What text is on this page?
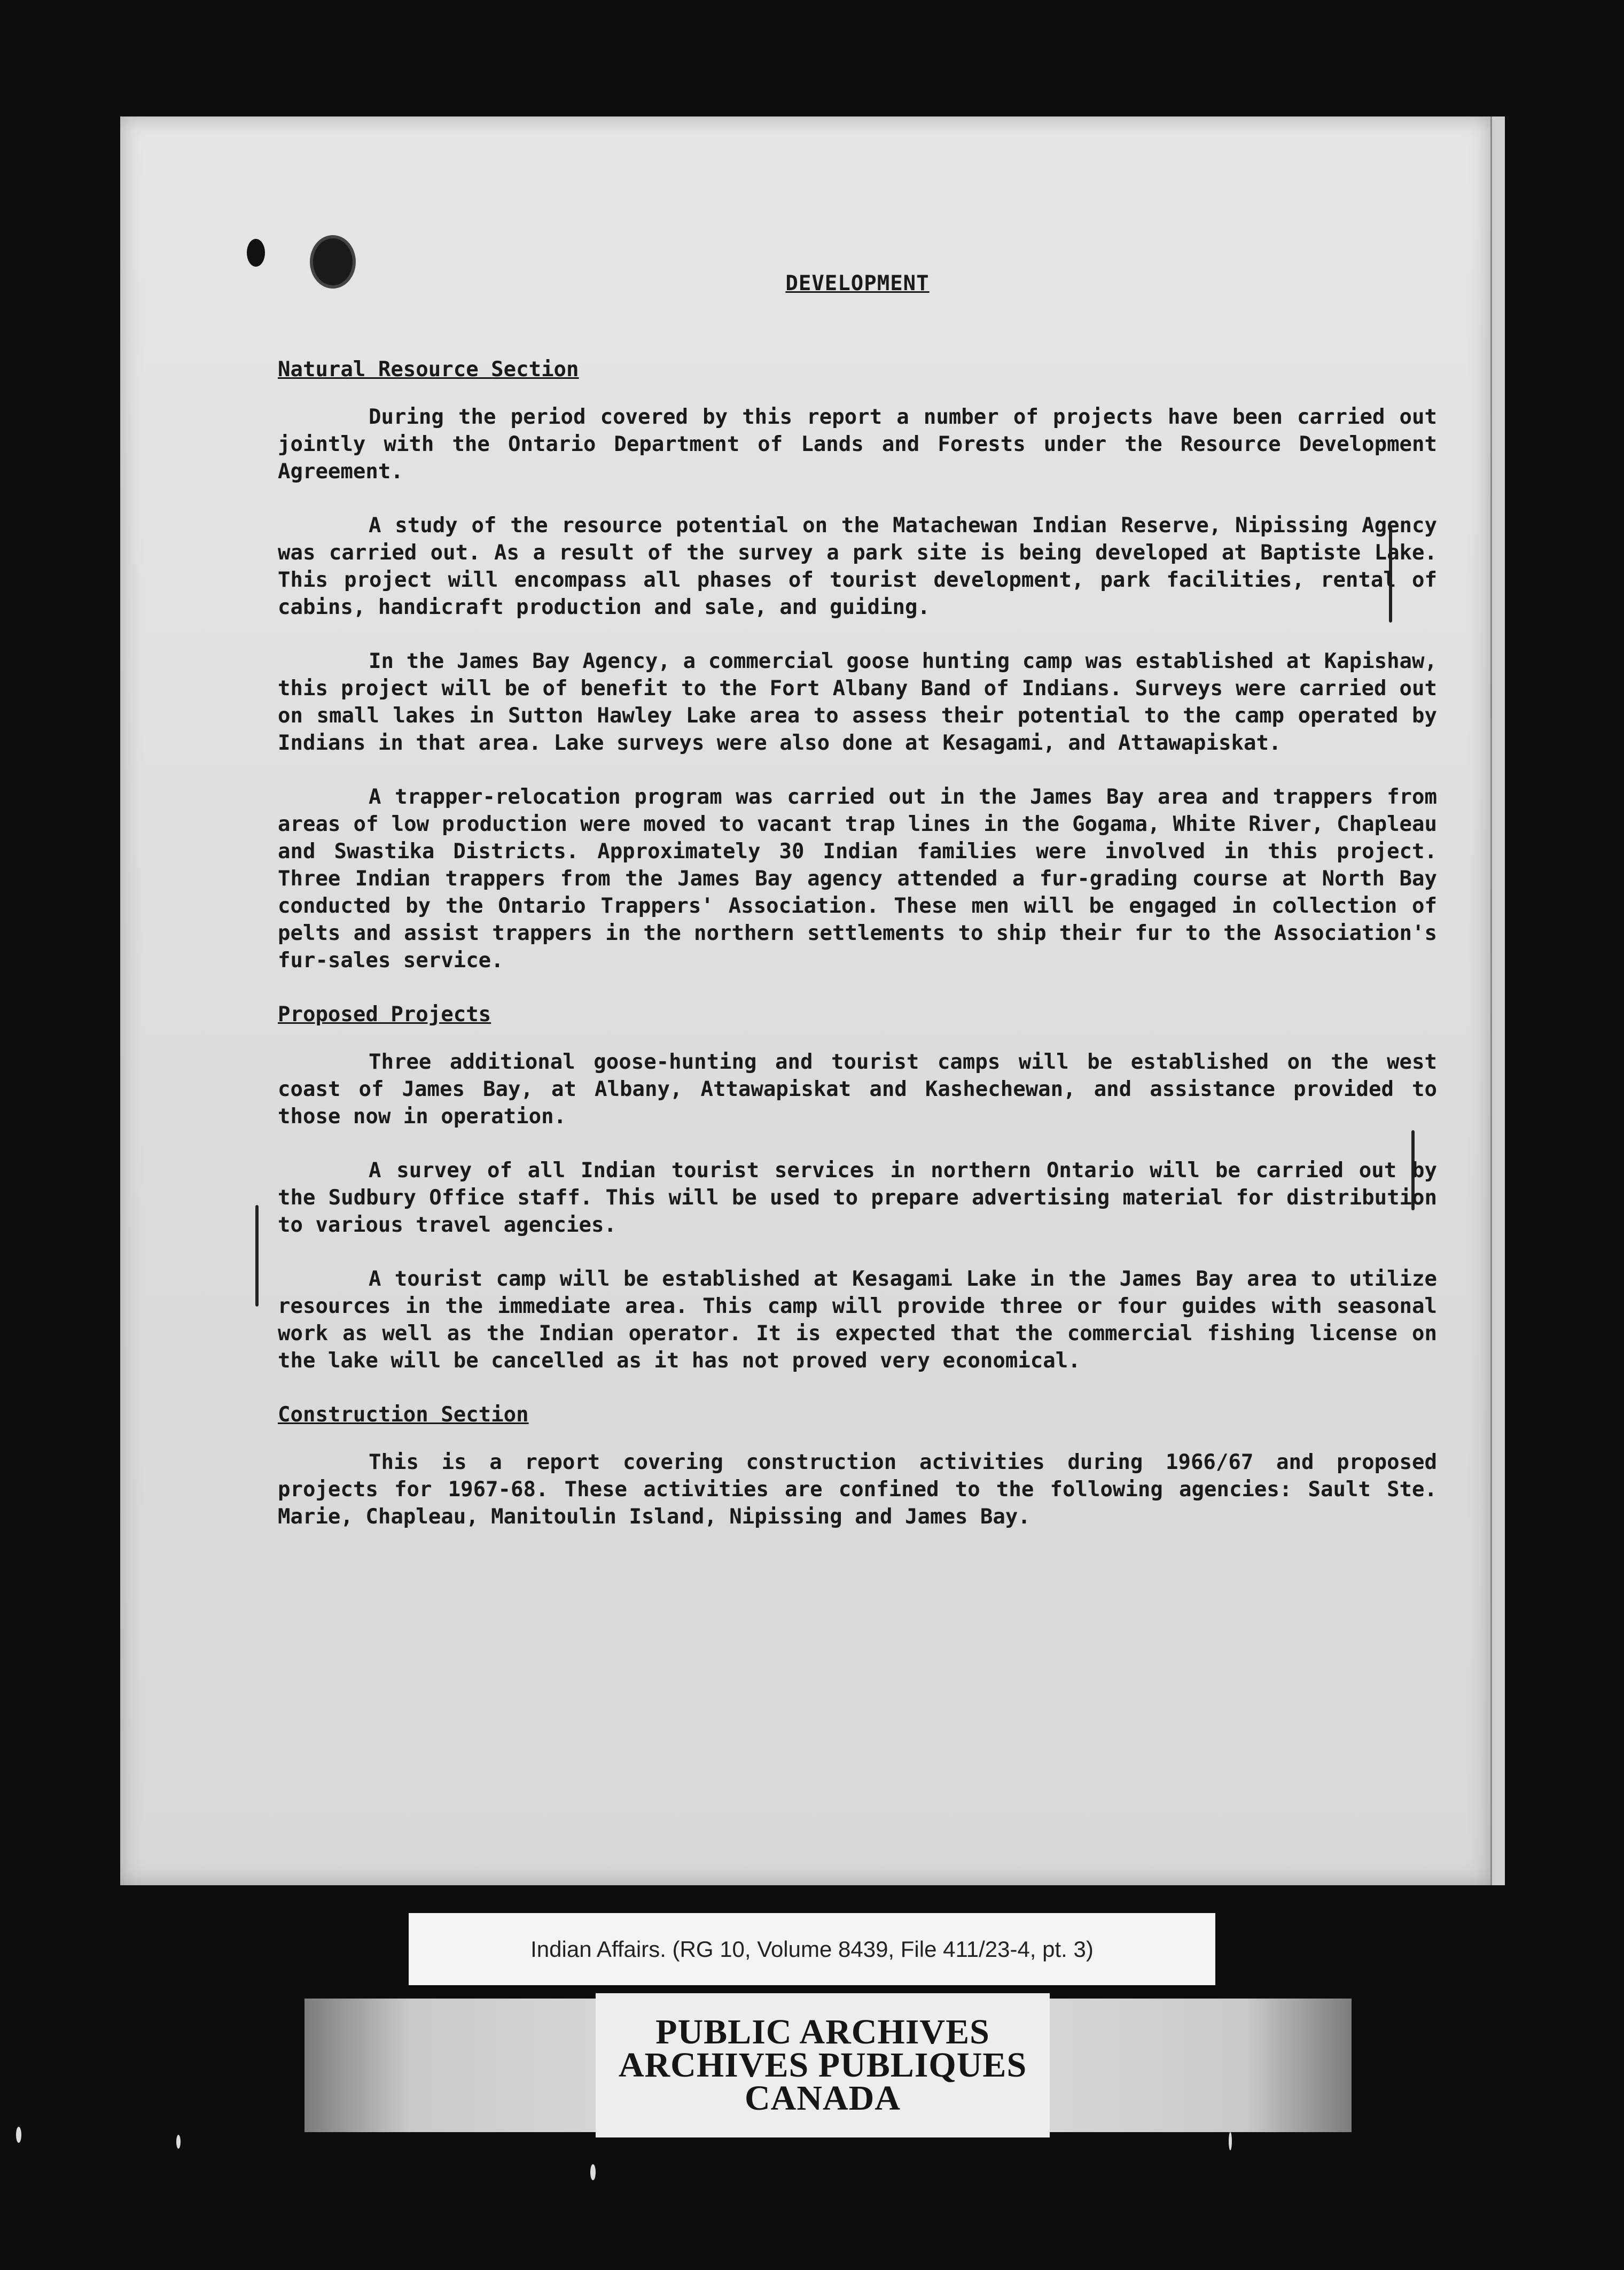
DEVELOPMENT

Natural Resource Section

During the period covered by this report a number of projects have been carried out jointly with the Ontario Department of Lands and Forests under the Resource Development Agreement.

A study of the resource potential on the Matachewan Indian Reserve, Nipissing Agency was carried out. As a result of the survey a park site is being developed at Baptiste Lake. This project will encompass all phases of tourist development, park facilities, rental of cabins, handicraft production and sale, and guiding.

In the James Bay Agency, a commercial goose hunting camp was established at Kapishaw, this project will be of benefit to the Fort Albany Band of Indians. Surveys were carried out on small lakes in Sutton Hawley Lake area to assess their potential to the camp operated by Indians in that area. Lake surveys were also done at Kesagami, and Attawapiskat.

A trapper-relocation program was carried out in the James Bay area and trappers from areas of low production were moved to vacant trap lines in the Gogama, White River, Chapleau and Swastika Districts. Approximately 30 Indian families were involved in this project. Three Indian trappers from the James Bay agency attended a fur-grading course at North Bay conducted by the Ontario Trappers' Association. These men will be engaged in collection of pelts and assist trappers in the northern settlements to ship their fur to the Association's fur-sales service.

Proposed Projects

Three additional goose-hunting and tourist camps will be established on the west coast of James Bay, at Albany, Attawapiskat and Kashechewan, and assistance provided to those now in operation.

A survey of all Indian tourist services in northern Ontario will be carried out by the Sudbury Office staff. This will be used to prepare advertising material for distribution to various travel agencies.

A tourist camp will be established at Kesagami Lake in the James Bay area to utilize resources in the immediate area. This camp will provide three or four guides with seasonal work as well as the Indian operator. It is expected that the commercial fishing license on the lake will be cancelled as it has not proved very economical.

Construction Section

This is a report covering construction activities during 1966/67 and proposed projects for 1967-68. These activities are confined to the following agencies: Sault Ste. Marie, Chapleau, Manitoulin Island, Nipissing and James Bay.

Indian Affairs. (RG 10, Volume 8439, File 411/23-4, pt. 3)
PUBLIC ARCHIVES
ARCHIVES PUBLIQUES
CANADA
